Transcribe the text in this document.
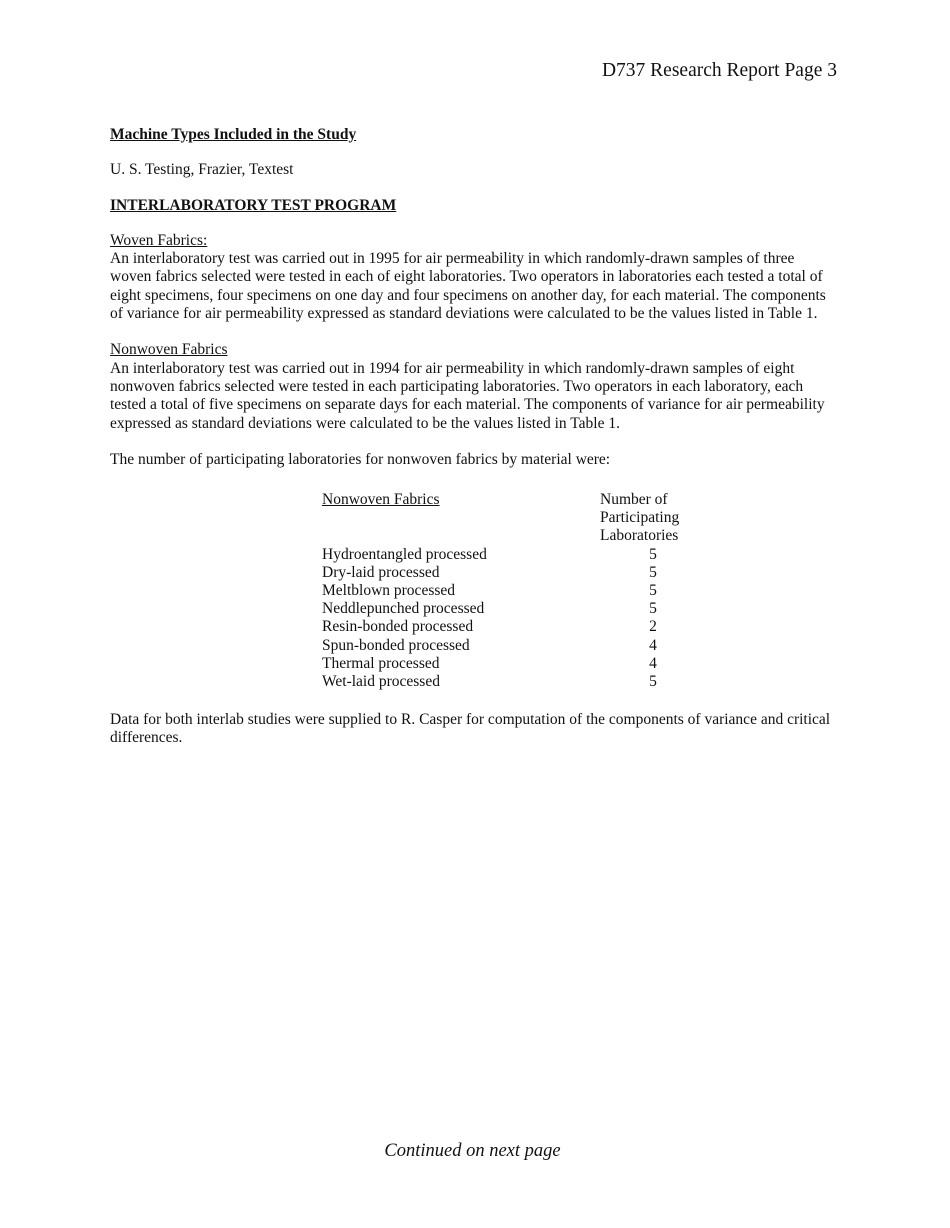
D737 Research Report Page 3

Machine Types Included in the Study

U. S. Testing, Frazier, Textest

INTERLABORATORY TEST PROGRAM

Woven Fabrics:

An interlaboratory test was carried out in 1995 for air permeability in which randomly-drawn samples of three

woven fabrics selected were tested in each of eight laboratories. Two operators in laboratories each tested a total of

eight specimens, four specimens on one day and four specimens on another day, for each material. The components

of variance for air permeability expressed as standard deviations were calculated to be the values listed in Table 1.

Nonwoven Fabrics

An interlaboratory test was carried out in 1994 for air permeability in which randomly-drawn samples of eight

nonwoven fabrics selected were tested in each participating laboratories. Two operators in each laboratory, each

tested a total of five specimens on separate days for each material. The components of variance for air permeability

expressed as standard deviations were calculated to be the values listed in Table 1.

The number of participating laboratories for nonwoven fabrics by material were:

Nonwoven Fabrics	Number of

	Participating
	Laboratories
Hydroentangled processed	5
Dry-laid processed	5
Meltblown processed	5
Neddlepunched processed	5
Resin-bonded processed	2
Spun-bonded processed	4
Thermal processed	4
Wet-laid processed	5

Data for both interlab studies were supplied to R. Casper for computation of the components of variance and critical

differences.

Continued on next page
